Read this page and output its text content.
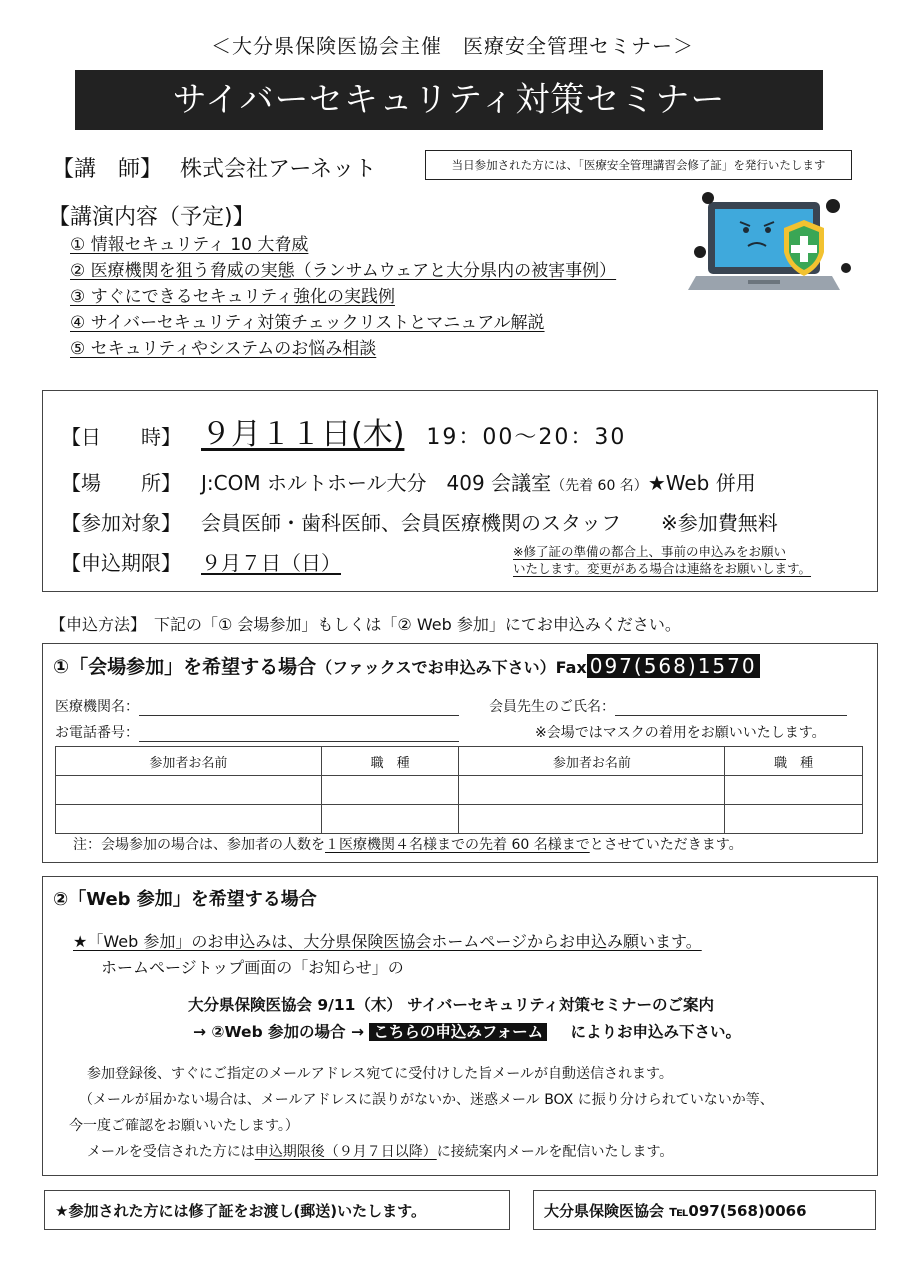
＜大分県保険医協会主催　医療安全管理セミナー＞
サイバーセキュリティ対策セミナー
【講　師】 株式会社アーネット	当日参加された方には、「医療安全管理講習会修了証」を発行いたします
【講演内容（予定)】
① 情報セキュリティ 10 大脅威
② 医療機関を狙う脅威の実態（ランサムウェアと大分県内の被害事例）
③ すぐにできるセキュリティ強化の実践例
④ サイバーセキュリティ対策チェックリストとマニュアル解説
⑤ セキュリティやシステムのお悩み相談
【日　　時】 ９月１１日(木) 19：00～20：30
【場　　所】 J:COM ホルトホール大分　409 会議室（先着 60 名）★Web 併用
【参加対象】 会員医師・歯科医師、会員医療機関のスタッフ ※参加費無料
【申込期限】 ９月７日（日）	※修了証の準備の都合上、事前の申込みをお願い
いたします。変更がある場合は連絡をお願いします。
【申込方法】　下記の「① 会場参加」もしくは「② Web 参加」にてお申込みください。
①「会場参加」を希望する場合（ファックスでお申込み下さい）Fax 097(568)1570
医療機関名：	会員先生のご氏名：
お電話番号：	※会場ではマスクの着用をお願いいたします。
参加者お名前	職　種	参加者お名前	職　種

注：会場参加の場合は、参加者の人数を１医療機関４名様までの先着 60 名様までとさせていただきます。
②「Web 参加」を希望する場合
★「Web 参加」のお申込みは、大分県保険医協会ホームページからお申込み願います。
ホームページトップ画面の「お知らせ」の
大分県保険医協会 9/11（木） サイバーセキュリティ対策セミナーのご案内
→ ②Web 参加の場合 → こちらの申込みフォーム によりお申込み下さい。
参加登録後、すぐにご指定のメールアドレス宛てに受付けした旨メールが自動送信されます。
（メールが届かない場合は、メールアドレスに誤りがないか、迷惑メール BOX に振り分けられていないか等、
今一度ご確認をお願いいたします。）
メールを受信された方には申込期限後（９月７日以降）に接続案内メールを配信いたします。
★参加された方には修了証をお渡し(郵送)いたします。	大分県保険医協会 ℡097(568)0066
